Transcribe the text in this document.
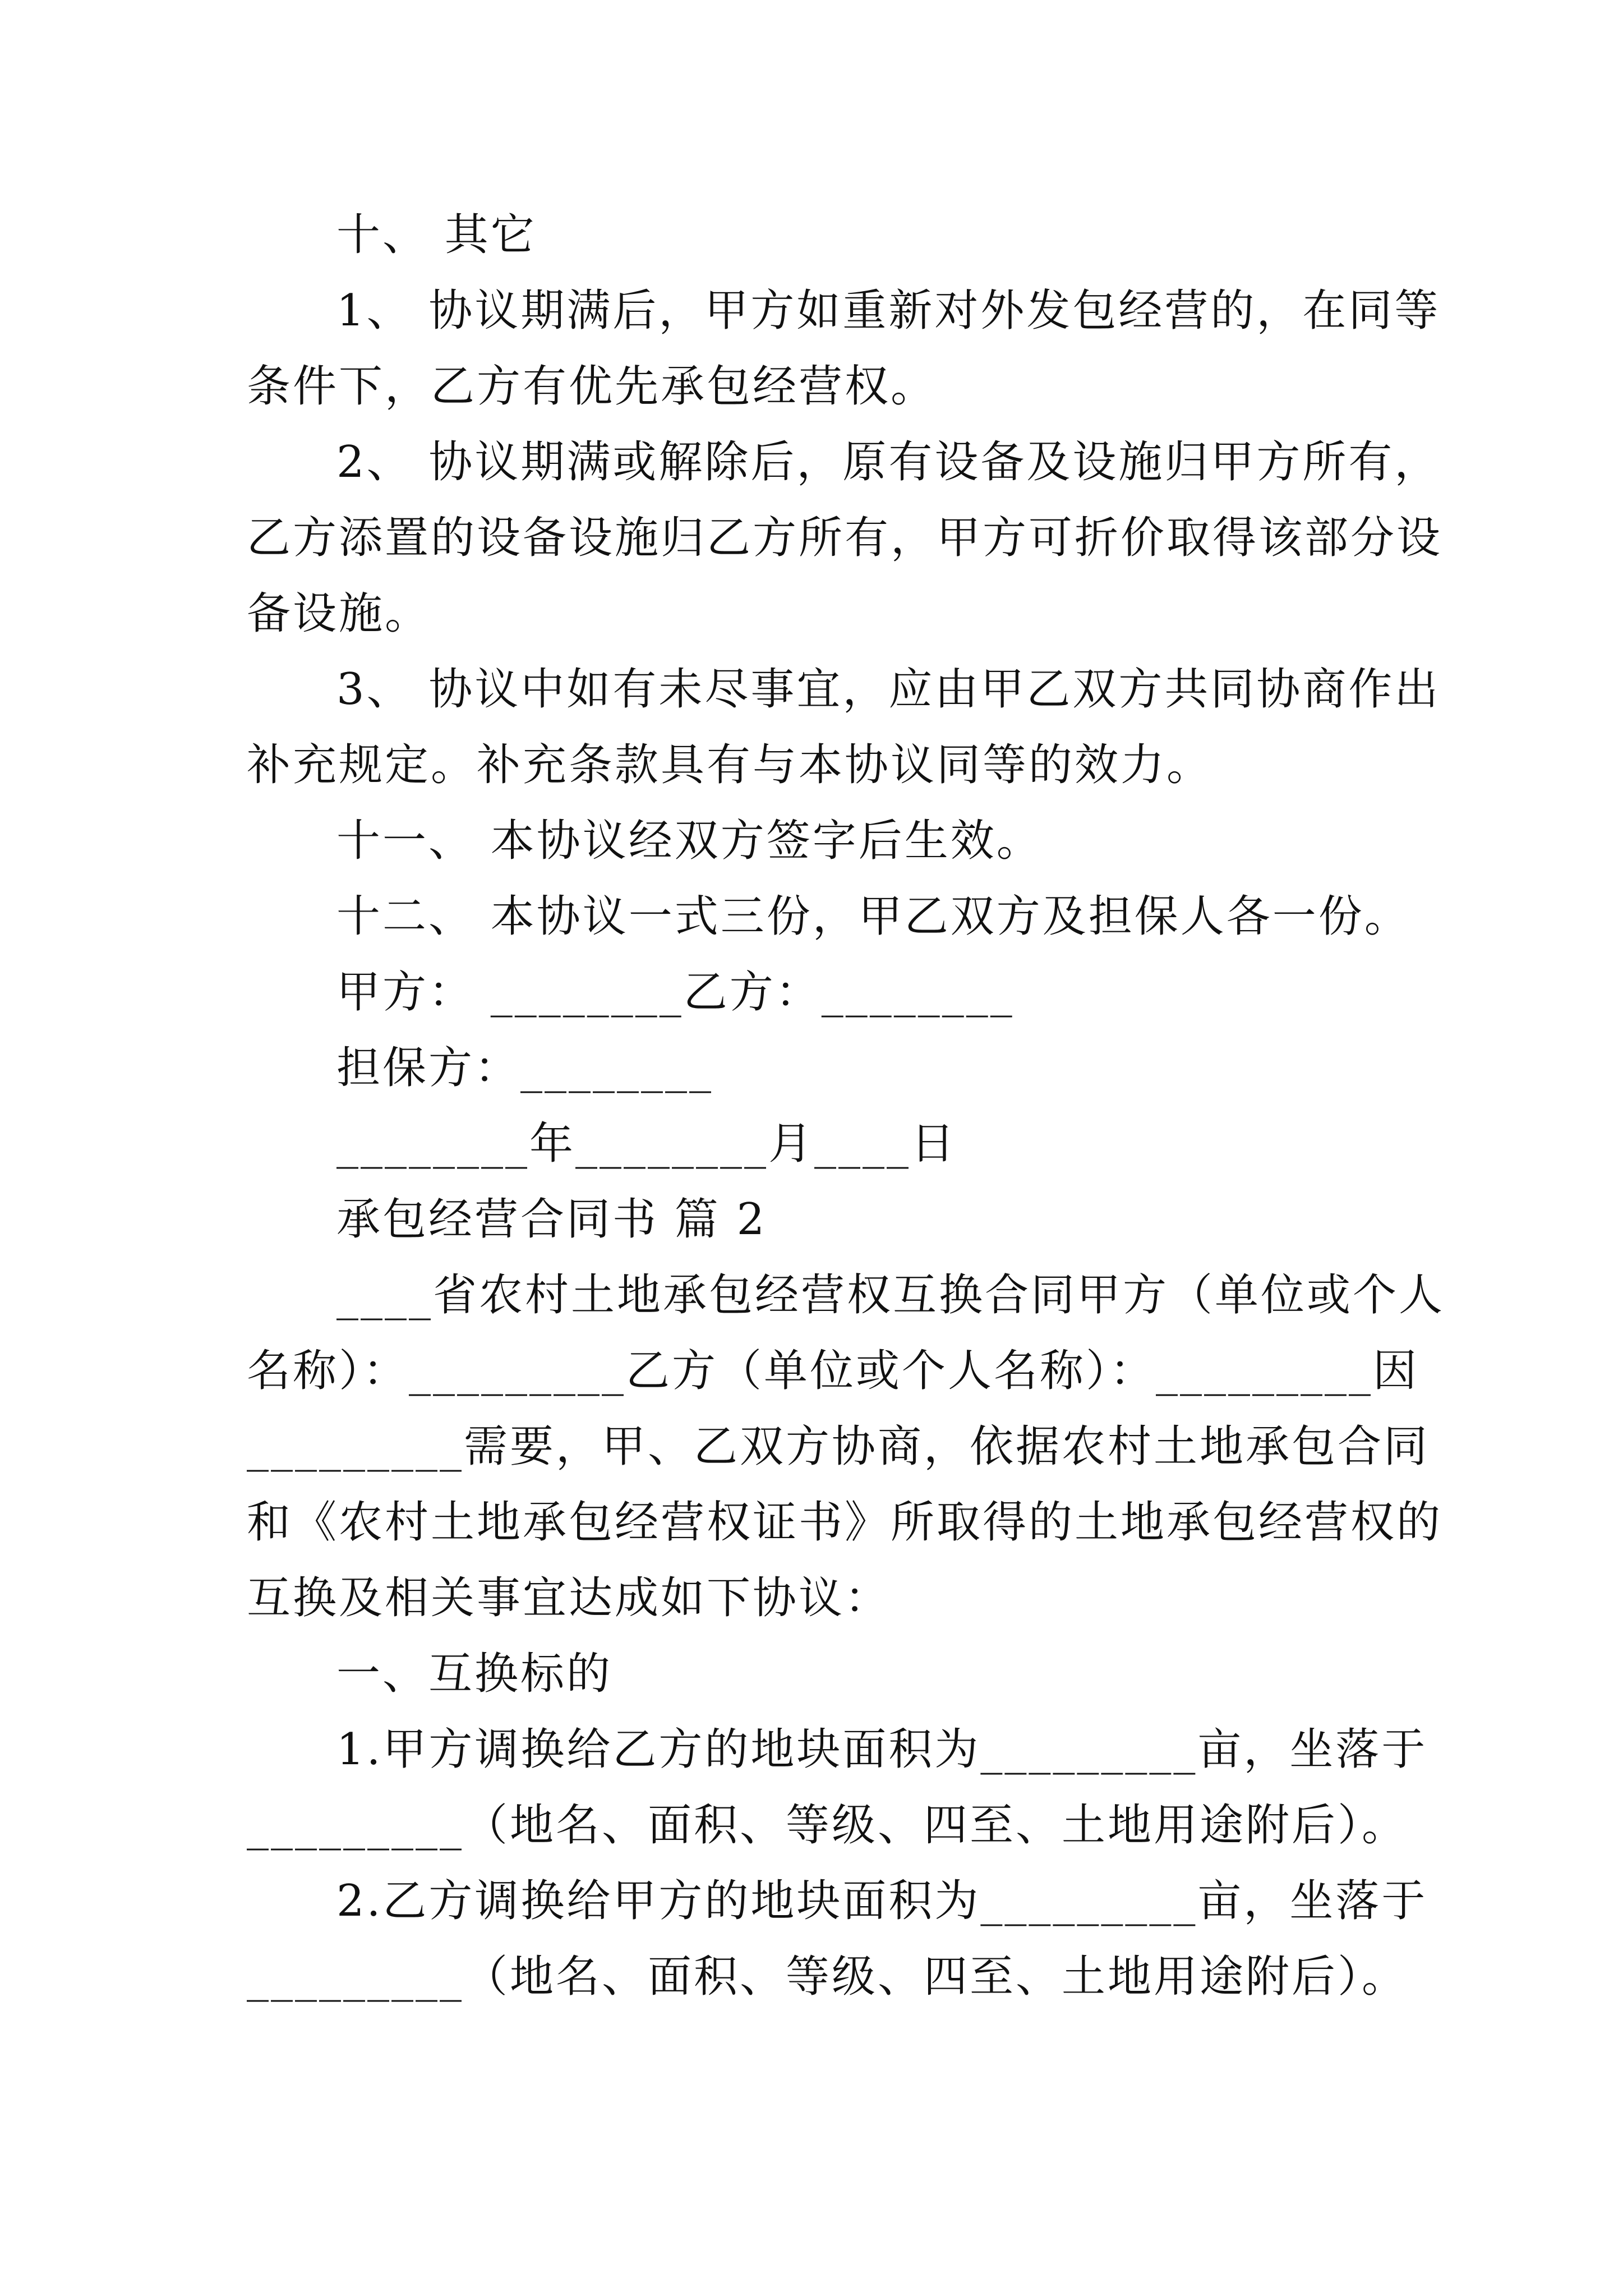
十、 其它
1、 协议期满后，甲方如重新对外发包经营的，在同等
条件下，乙方有优先承包经营权。
2、 协议期满或解除后，原有设备及设施归甲方所有，
乙方添置的设备设施归乙方所有，甲方可折价取得该部分设
备设施。
3、 协议中如有未尽事宜，应由甲乙双方共同协商作出
补充规定。补充条款具有与本协议同等的效力。
十一、 本协议经双方签字后生效。
十二、 本协议一式三份，甲乙双方及担保人各一份。
甲方： ________乙方：________
担保方：________
________年________月____日
承包经营合同书 篇 2
____省农村土地承包经营权互换合同甲方（单位或个人
名称）：_________乙方（单位或个人名称）：_________因
_________需要，甲、乙双方协商，依据农村土地承包合同
和《农村土地承包经营权证书》所取得的土地承包经营权的
互换及相关事宜达成如下协议：
一、互换标的
1.甲方调换给乙方的地块面积为_________亩，坐落于
_________（地名、面积、等级、四至、土地用途附后）。
2.乙方调换给甲方的地块面积为_________亩，坐落于
_________（地名、面积、等级、四至、土地用途附后）。
